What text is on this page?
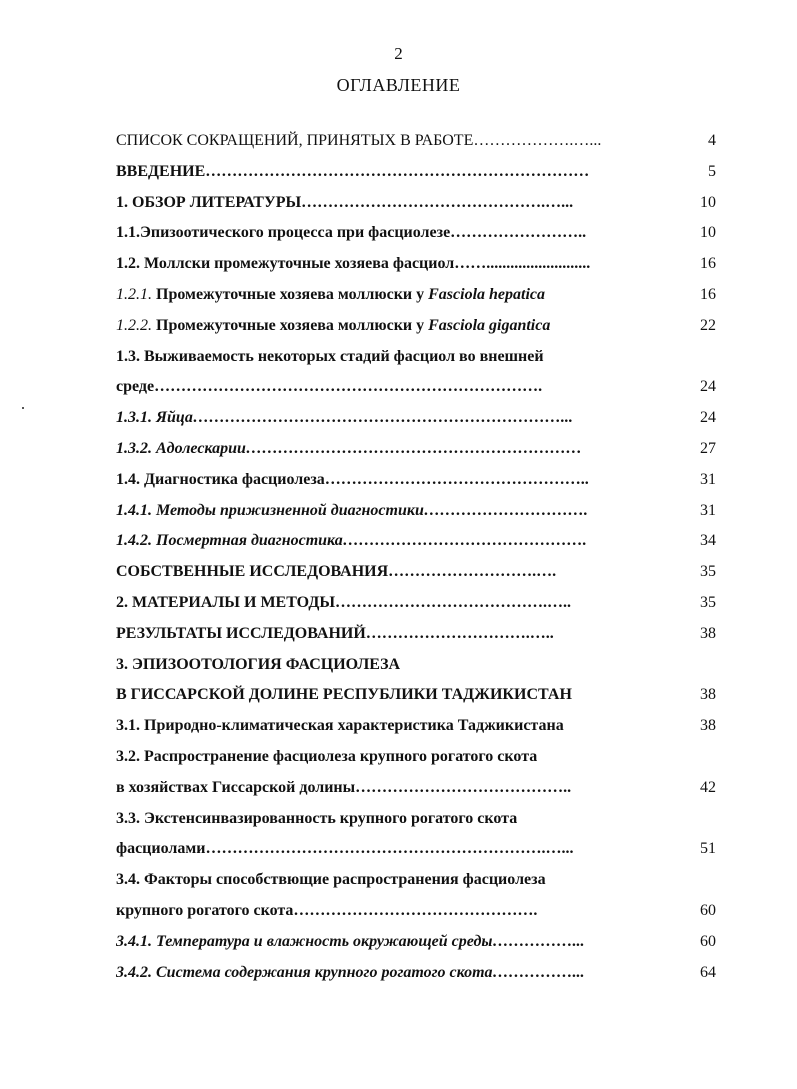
2
ОГЛАВЛЕНИЕ
СПИСОК СОКРАЩЕНИЙ, ПРИНЯТЫХ В РАБОТЕ……………….…...	4
ВВЕДЕНИЕ………………………………………………………………	5
1. ОБЗОР ЛИТЕРАТУРЫ……………………………………….…...	10
1.1.Эпизоотического процесса при фасциолезе……………………..	10
1.2. Моллски промежуточные хозяева фасциол……..........................	16
1.2.1. Промежуточные хозяева моллюски у Fasciola hepatica	16
1.2.2. Промежуточные хозяева моллюски у Fasciola gigantica	22
1.3. Выживаемость некоторых стадий фасциол во внешней
среде……………………………………………………………….	24
1.3.1. Яйца……………………………………………………………...	24
1.3.2. Адолескарии………………………………………………………	27
1.4. Диагностика фасциолеза…………………………………………..	31
1.4.1. Методы прижизненной диагностики………………………….	31
1.4.2. Посмертная диагностика……………………………………….	34
СОБСТВЕННЫЕ ИССЛЕДОВАНИЯ……………………….….	35
2. МАТЕРИАЛЫ И МЕТОДЫ………………………………….…..	35
РЕЗУЛЬТАТЫ ИССЛЕДОВАНИЙ………………………….…..	38
3. ЭПИЗООТОЛОГИЯ ФАСЦИОЛЕЗА
В ГИССАРСКОЙ ДОЛИНЕ РЕСПУБЛИКИ ТАДЖИКИСТАН	38
3.1. Природно-климатическая характеристика Таджикистана	38
3.2. Распространение фасциолеза крупного рогатого скота
в хозяйствах Гиссарской долины…………………………………..	42
3.3. Экстенсинвазированность крупного рогатого скота
фасциолами……………………………………………………….…...	51
3.4. Факторы способствющие распространения фасциолеза
крупного рогатого скота……………………………………….	60
3.4.1. Температура и влажность окружающей среды……………...	60
3.4.2. Система содержания крупного рогатого скота……………...	64
